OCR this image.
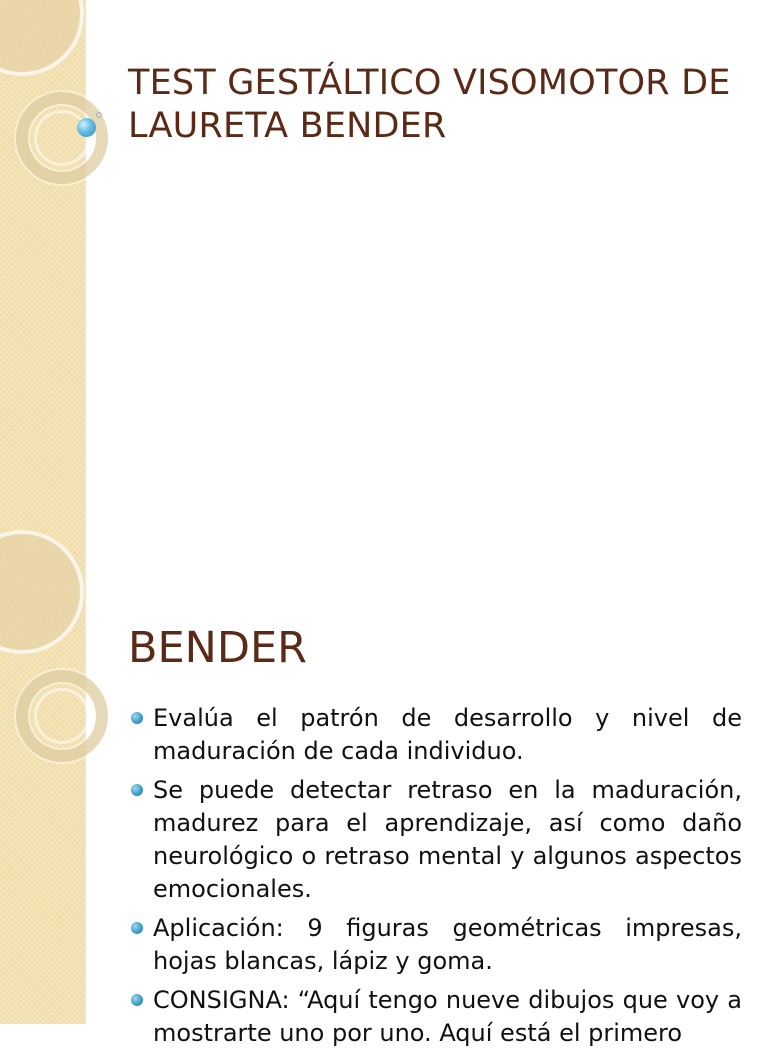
TEST GESTÁLTICO VISOMOTOR DE LAURETA BENDER
BENDER
Evalúa el patrón de desarrollo y nivel de maduración de cada individuo.
Se puede detectar retraso en la maduración, madurez para el aprendizaje, así como daño neurológico o retraso mental y algunos aspectos emocionales.
Aplicación: 9 figuras geométricas impresas, hojas blancas, lápiz y goma.
CONSIGNA: “Aquí tengo nueve dibujos que voy a mostrarte uno por uno. Aquí está el primero
